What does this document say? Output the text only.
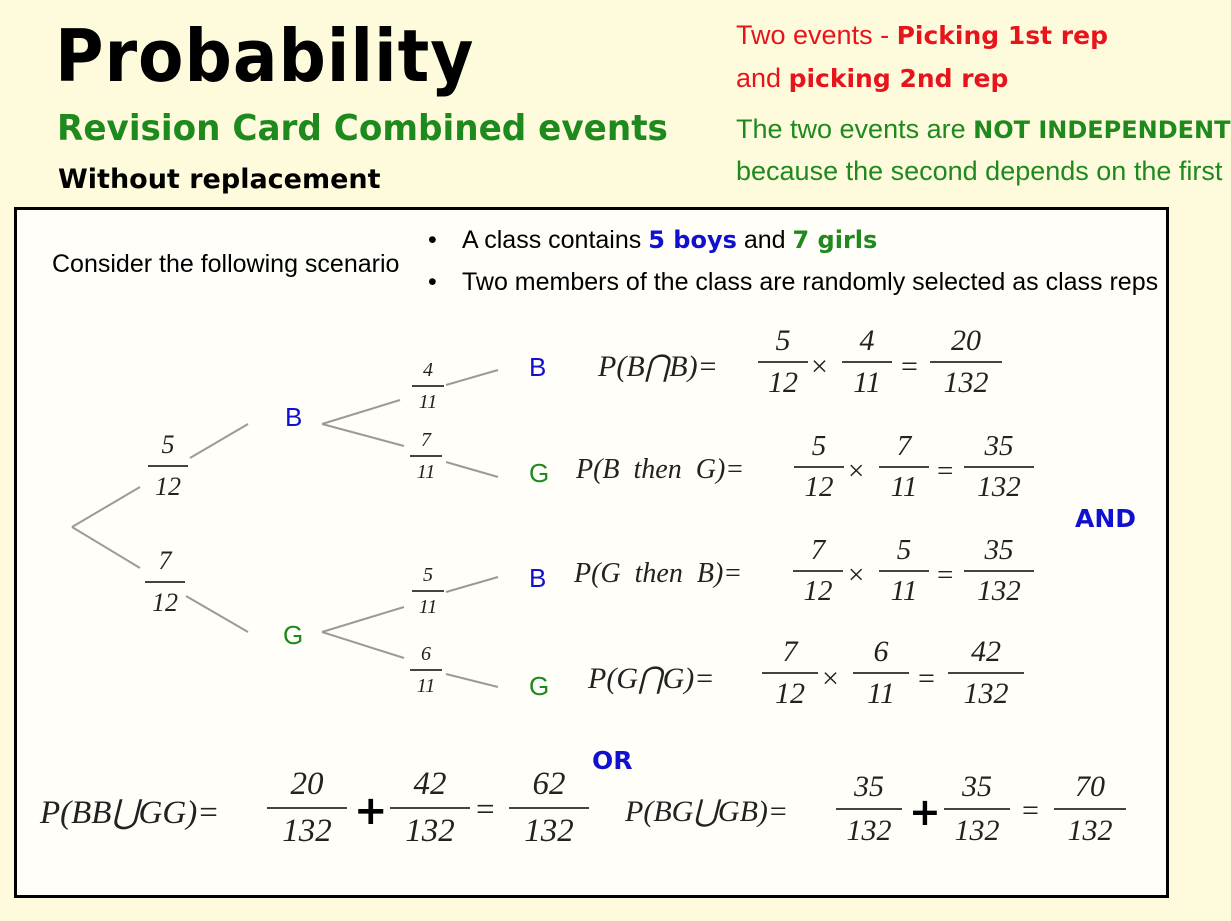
Probability
Revision Card Combined events
Without replacement
Two events - Picking 1st rep
and picking 2nd rep
The two events are NOT INDEPENDENT
because the second depends on the first
Consider the following scenario
• A class contains 5 boys and 7 girls
• Two members of the class are randomly selected as class reps
5
12
7
12
B
G
4
11
7
11
5
11
6
11
B
G
B
G
P(B⋂B)=
5
12 ×
4
11 =
20
132
P(B  then  G)=
5
12 ×
7
11 =
35
132
P(G  then  B)=
7
12 ×
5
11 =
35
132
P(G⋂G)=
7
12 ×
6
11 =
42
132
AND
OR
P(BB⋃GG)=
20
132 +
42
132
=
62
132
P(BG⋃GB)=
35
132 +
35
132
=
70
132
